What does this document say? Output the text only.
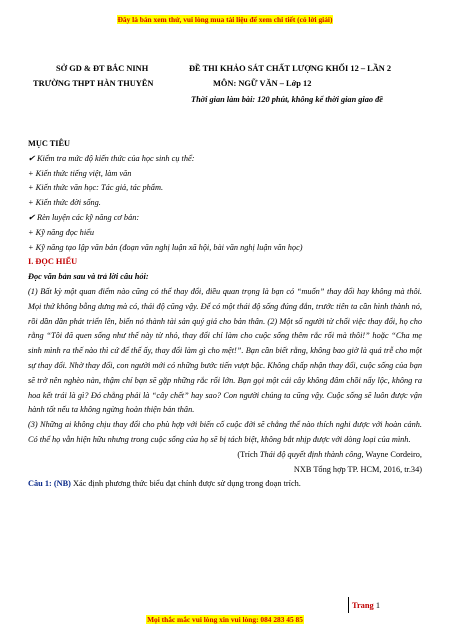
Đây là bản xem thử, vui lòng mua tài liệu để xem chi tiết (có lời giải)
SỞ GD & ĐT BẮC NINH
TRƯỜNG THPT HÀN THUYÊN
ĐỀ THI KHẢO SÁT CHẤT LƯỢNG KHỐI 12 – LẦN 2
MÔN: NGỮ VĂN – Lớp 12
Thời gian làm bài: 120 phút, không kể thời gian giao đề

MỤC TIÊU

✔ Kiểm tra mức độ kiến thức của học sinh cụ thể:

+ Kiến thức tiếng việt, làm văn

+ Kiến thức văn học: Tác giả, tác phẩm.

+ Kiến thức đời sống.

✔ Rèn luyện các kỹ năng cơ bản:

+ Kỹ năng đọc hiểu

+ Kỹ năng tạo lập văn bản (đoạn văn nghị luận xã hội, bài văn nghị luận văn học)

I. ĐỌC HIỂU

Đọc văn bản sau và trả lời câu hỏi:

(1) Bất kỳ một quan điểm nào cũng có thể thay đổi, điều quan trọng là bạn có “muốn” thay đổi hay không mà thôi. Mọi thứ không bỗng dưng mà có, thái độ cũng vậy. Để có một thái độ sống đúng đắn, trước tiên ta cần hình thành nó, rồi dần dần phát triển lên, biến nó thành tài sản quý giá cho bản thân. (2) Một số người từ chối việc thay đổi, họ cho rằng “Tôi đã quen sống như thế này từ nhỏ, thay đổi chỉ làm cho cuộc sống thêm rắc rối mà thôi!” hoặc “Cha mẹ sinh mình ra thế nào thì cứ để thế ấy, thay đổi làm gì cho mệt!”. Bạn cần biết rằng, không bao giờ là quá trễ cho một sự thay đổi. Nhờ thay đổi, con người mới có những bước tiến vượt bậc. Không chấp nhận thay đổi, cuộc sống của bạn sẽ trở nên nghèo nàn, thậm chí bạn sẽ gặp những rắc rối lớn. Bạn gọi một cái cây không đâm chồi nẩy lộc, không ra hoa kết trái là gì? Đó chẳng phải là “cây chết” hay sao? Con người chúng ta cũng vậy. Cuộc sống sẽ luôn được vận hành tốt nếu ta không ngừng hoàn thiện bản thân.

(3) Những ai không chịu thay đổi cho phù hợp với biến cố cuộc đời sẽ chẳng thể nào thích nghi được với hoàn cảnh. Có thể họ vẫn hiện hữu nhưng trong cuộc sống của họ sẽ bị tách biệt, không bắt nhịp được với dòng loại của mình.

(Trích Thái độ quyết định thành công, Wayne Cordeiro,

NXB Tổng hợp TP. HCM, 2016, tr.34)

Câu 1: (NB) Xác định phương thức biểu đạt chính được sử dụng trong đoạn trích.

Trang 1
Mọi thắc mắc vui lòng xin vui lòng: 084 283 45 85
